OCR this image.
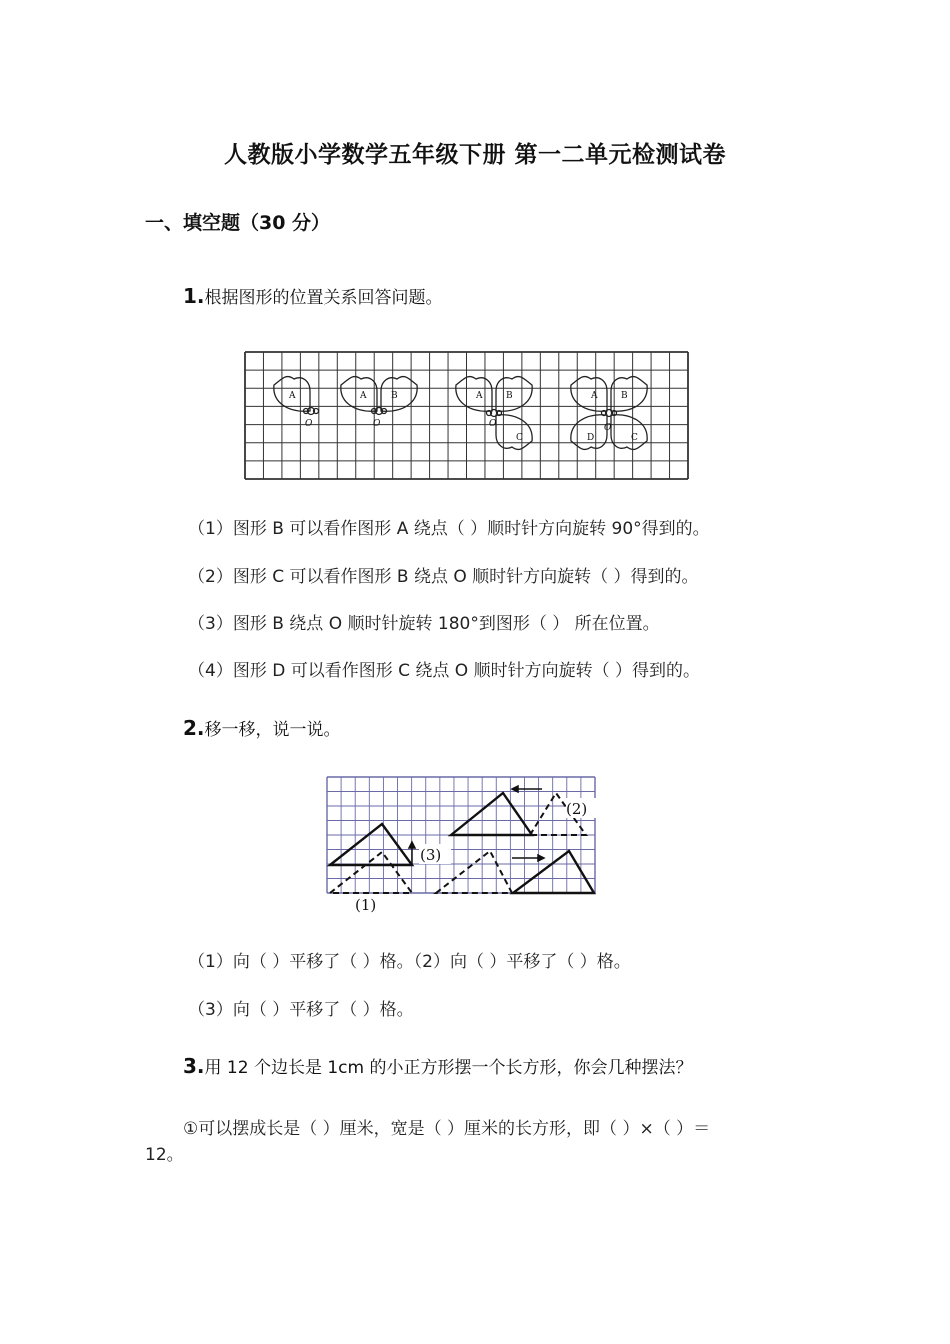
人教版小学数学五年级下册 第一二单元检测试卷
一、填空题（30 分）
1.根据图形的位置关系回答问题。
A
O
A	B
O
A	B
O
C
A	B
O
C
D
（1）图形 B 可以看作图形 A 绕点（ ）顺时针方向旋转 90°得到的。
（2）图形 C 可以看作图形 B 绕点 O 顺时针方向旋转（ ）得到的。
（3）图形 B 绕点 O 顺时针旋转 180°到图形（ ） 所在位置。
（4）图形 D 可以看作图形 C 绕点 O 顺时针方向旋转（ ）得到的。
2.移一移，说一说。
(1)
(2)
(3)
（1）向（ ）平移了（ ）格。（2）向（ ）平移了（ ）格。
（3）向（ ）平移了（ ）格。
3.用 12 个边长是 1cm 的小正方形摆一个长方形，你会几种摆法？
①可以摆成长是（ ）厘米，宽是（ ）厘米的长方形，即（ ）×（ ）＝
12。
